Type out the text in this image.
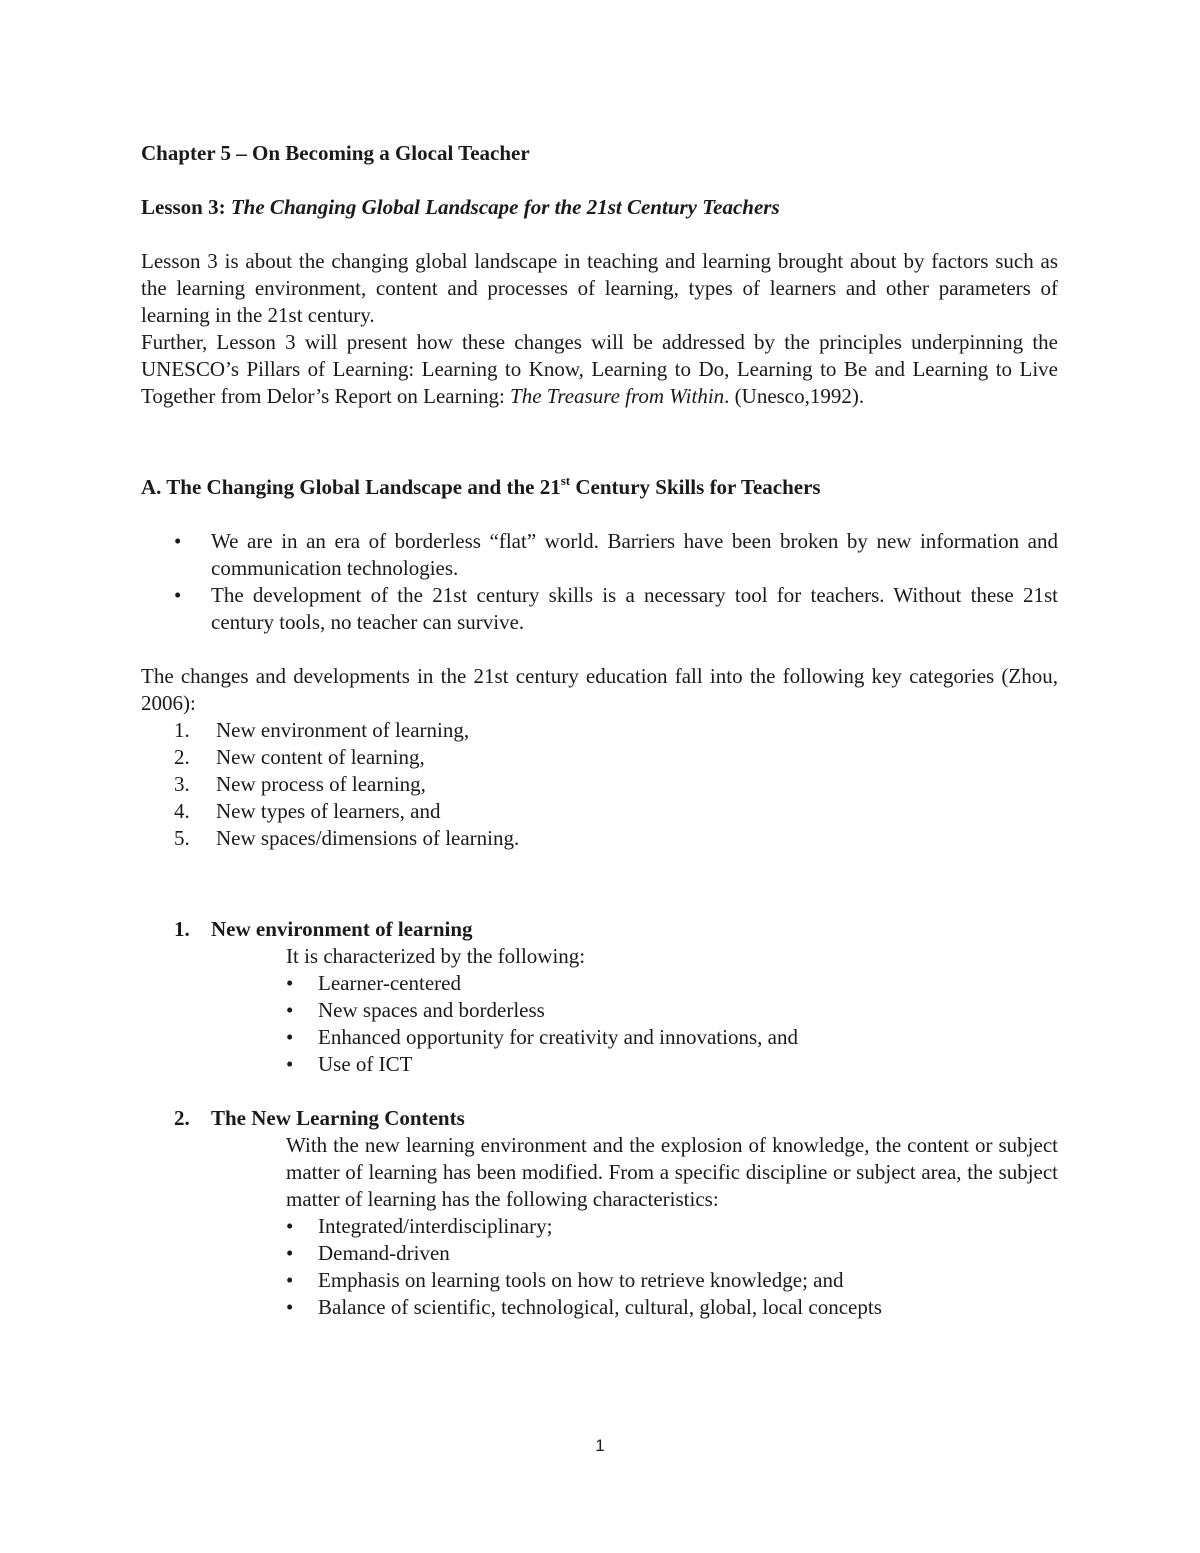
Chapter 5 – On Becoming a Glocal Teacher

Lesson 3: The Changing Global Landscape for the 21st Century Teachers

Lesson 3 is about the changing global landscape in teaching and learning brought about by factors such as the learning environment, content and processes of learning, types of learners and other parameters of learning in the 21st century.

Further, Lesson 3 will present how these changes will be addressed by the principles underpinning the UNESCO’s Pillars of Learning: Learning to Know, Learning to Do, Learning to Be and Learning to Live Together from Delor’s Report on Learning: The Treasure from Within. (Unesco,1992).

A. The Changing Global Landscape and the 21st Century Skills for Teachers

• We are in an era of borderless “flat” world. Barriers have been broken by new information and communication technologies.
• The development of the 21st century skills is a necessary tool for teachers. Without these 21st century tools, no teacher can survive.

The changes and developments in the 21st century education fall into the following key categories (Zhou, 2006):

1.	New environment of learning,
2.	New content of learning,
3.	New process of learning,
4.	New types of learners, and
5.	New spaces/dimensions of learning.

1. New environment of learning

It is characterized by the following:

• Learner-centered
• New spaces and borderless
• Enhanced opportunity for creativity and innovations, and
• Use of ICT

2. The New Learning Contents

With the new learning environment and the explosion of knowledge, the content or subject matter of learning has been modified. From a specific discipline or subject area, the subject matter of learning has the following characteristics:

• Integrated/interdisciplinary;
• Demand-driven
• Emphasis on learning tools on how to retrieve knowledge; and
• Balance of scientific, technological, cultural, global, local concepts
1
